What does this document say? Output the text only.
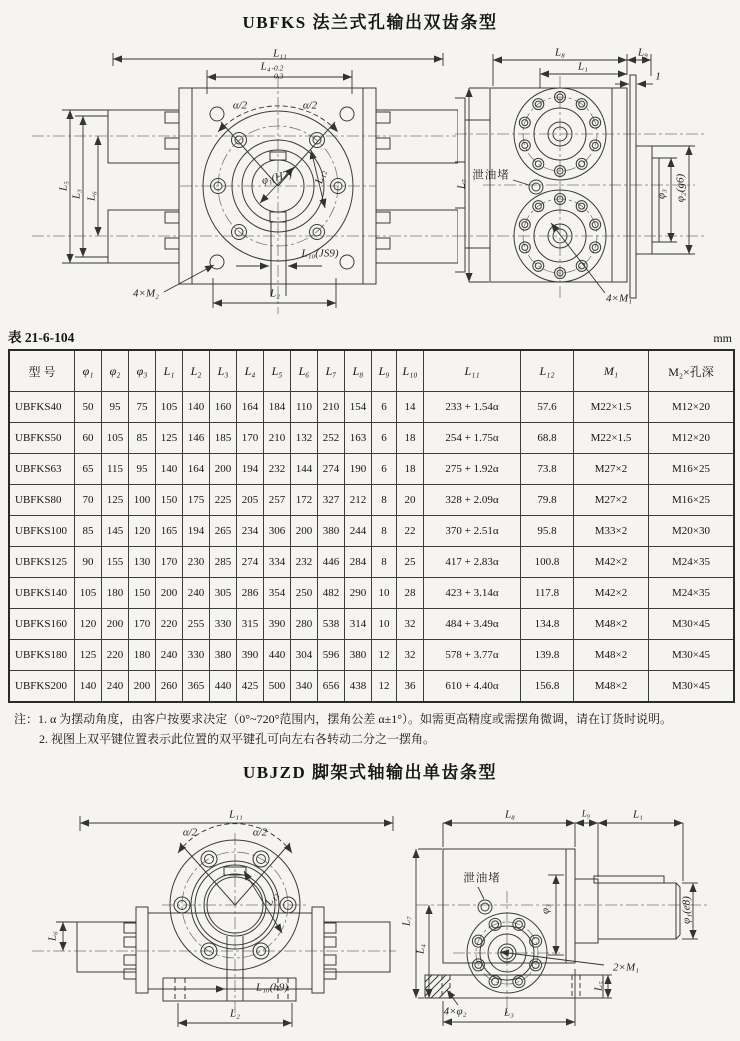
UBFKS 法兰式孔输出双齿条型
L₁₁
L₄ -0.2
-0.3
α/2	α/2
φ₁(H7) L₁₂
L₅
L₃ L₆
L₁₀(JS9)
L₂
4×M₂
L₈	L₉
L₁
1
L₇
泄油堵
φ₃ φ₂(g6)
4×M₁
表 21-6-104	mm
型 号	φ₁	φ₂	φ₃	L₁	L₂	L₃	L₄	L₅	L₆	L₇	L₈	L₉	L₁₀	L₁₁	L₁₂	M₁	M₂×孔深
UBFKS40	50	95	75	105	140	160	164	184	110	210	154	6	14	233 + 1.54α	57.6	M22×1.5	M12×20
UBFKS50	60	105	85	125	146	185	170	210	132	252	163	6	18	254 + 1.75α	68.8	M22×1.5	M12×20
UBFKS63	65	115	95	140	164	200	194	232	144	274	190	6	18	275 + 1.92α	73.8	M27×2	M16×25
UBFKS80	70	125	100	150	175	225	205	257	172	327	212	8	20	328 + 2.09α	79.8	M27×2	M16×25
UBFKS100	85	145	120	165	194	265	234	306	200	380	244	8	22	370 + 2.51α	95.8	M33×2	M20×30
UBFKS125	90	155	130	170	230	285	274	334	232	446	284	8	25	417 + 2.83α	100.8	M42×2	M24×35
UBFKS140	105	180	150	200	240	305	286	354	250	482	290	10	28	423 + 3.14α	117.8	M42×2	M24×35
UBFKS160	120	200	170	220	255	330	315	390	280	538	314	10	32	484 + 3.49α	134.8	M48×2	M30×45
UBFKS180	125	220	180	240	330	380	390	440	304	596	380	12	32	578 + 3.77α	139.8	M48×2	M30×45
UBFKS200	140	240	200	260	365	440	425	500	340	656	438	12	36	610 + 4.40α	156.8	M48×2	M30×45
注：1. α 为摆动角度，由客户按要求决定（0°~720°范围内，摆角公差 α±1°）。如需更高精度或需摆角微调，请在订货时说明。
2. 视图上双平键位置表示此位置的双平键孔可向左右各转动二分之一摆角。
UBJZD 脚架式轴输出单齿条型
L₁₁
α/2	α/2
L₁₂
L₆
L₁₀(h9)
L₂
L₈	L₉	L₁
L₇
L₄
泄油堵
φ₃	φ₁(e8)
2×M₁
4×φ₂	L₃
L₅
